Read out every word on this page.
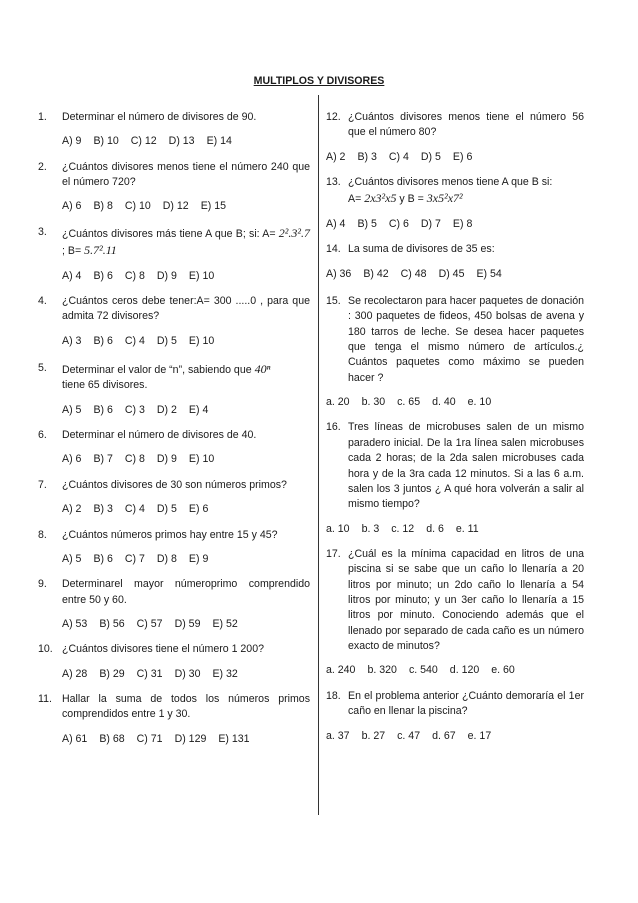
MULTIPLOS Y DIVISORES
1.	Determinar el número de divisores de 90.
A) 9 B) 10 C) 12 D) 13 E) 14
2.	¿Cuántos divisores menos tiene el número 240 que el número 720?
A) 6 B) 8 C) 10 D) 12 E) 15
3.	¿Cuántos divisores más tiene A que B; si: A= 2².3².7 ; B= 5.7².11
A) 4 B) 6 C) 8 D) 9 E) 10
4.	¿Cuántos ceros debe tener:A= 300 .....0 , para que admita 72 divisores?
A) 3 B) 6 C) 4 D) 5 E) 10
5.	Determinar el valor de “n”, sabiendo que 40ⁿ
tiene 65 divisores.
A) 5 B) 6 C) 3 D) 2 E) 4
6.	Determinar el número de divisores de 40.
A) 6 B) 7 C) 8 D) 9 E) 10
7.	¿Cuántos divisores de 30 son números primos?
A) 2 B) 3 C) 4 D) 5 E) 6
8.	¿Cuántos números primos hay entre 15 y 45?
A) 5 B) 6 C) 7 D) 8 E) 9
9.	Determinarel mayor númeroprimo comprendido entre 50 y 60.
A) 53 B) 56 C) 57 D) 59 E) 52
10. ¿Cuántos divisores tiene el número 1 200?
A) 28 B) 29 C) 31 D) 30 E) 32
11. Hallar la suma de todos los números primos comprendidos entre 1 y 30.
A) 61 B) 68 C) 71 D) 129 E) 131
12. ¿Cuántos divisores menos tiene el número 56 que el número 80?
A) 2 B) 3 C) 4 D) 5 E) 6
13. ¿Cuántos divisores menos tiene A que B si:
A= 2x3²x5 y B = 3x5²x7²
A) 4 B) 5 C) 6 D) 7 E) 8
14. La suma de divisores de 35 es:
A) 36 B) 42 C) 48 D) 45 E) 54
15. Se recolectaron para hacer paquetes de donación : 300 paquetes de fideos, 450 bolsas de avena y 180 tarros de leche. Se desea hacer paquetes que tenga el mismo número de artículos.¿ Cuántos paquetes como máximo se pueden hacer ?
a. 20 b. 30 c. 65 d. 40 e. 10
16. Tres líneas de microbuses salen de un mismo paradero inicial. De la 1ra línea salen microbuses cada 2 horas; de la 2da salen microbuses cada hora y de la 3ra cada 12 minutos. Si a las 6 a.m. salen los 3 juntos ¿ A qué hora volverán a salir al mismo tiempo?
a. 10 b. 3 c. 12 d. 6 e. 11
17. ¿Cuál es la mínima capacidad en litros de una piscina si se sabe que un caño lo llenaría a 20 litros por minuto; un 2do caño lo llenaría a 54 litros por minuto; y un 3er caño lo llenaría a 15 litros por minuto. Conociendo además que el llenado por separado de cada caño es un número exacto de minutos?
a. 240 b. 320 c. 540 d. 120 e. 60
18. En el problema anterior ¿Cuánto demoraría el 1er caño en llenar la piscina?
a. 37 b. 27 c. 47 d. 67 e. 17
